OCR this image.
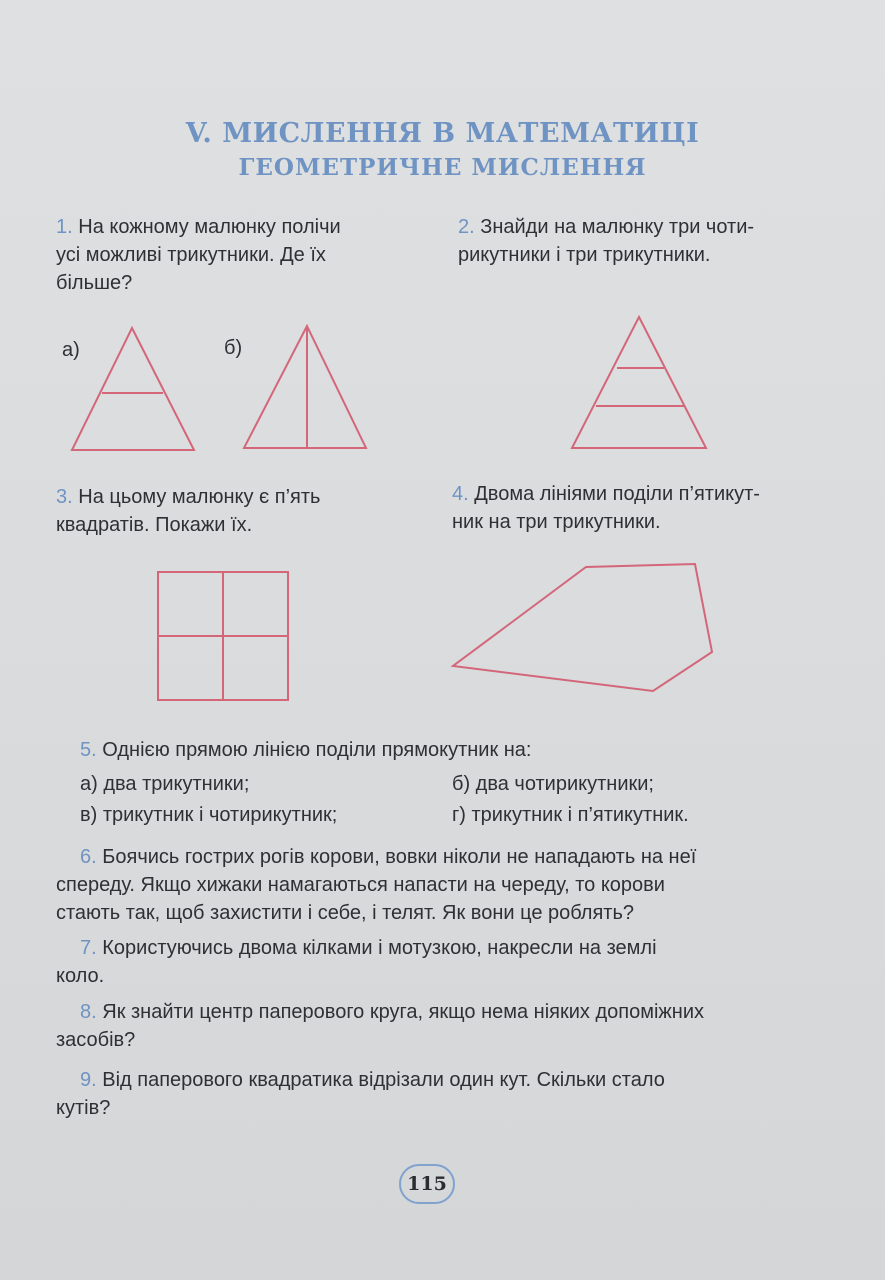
V. МИСЛЕННЯ В МАТЕМАТИЦІ
ГЕОМЕТРИЧНЕ МИСЛЕННЯ
1. На кожному малюнку полічи
усі можливі трикутники. Де їх
більше?
а)	б)
2. Знайди на малюнку три чоти-
рикутники і три трикутники.
3. На цьому малюнку є п’ять
квадратів. Покажи їх.
4. Двома лініями поділи п’ятикут-
ник на три трикутники.
5. Однією прямою лінією поділи прямокутник на:
а) два трикутники;	б) два чотирикутники;
в) трикутник і чотирикутник;	г) трикутник і п’ятикутник.
6. Боячись гострих рогів корови, вовки ніколи не нападають на неї
спереду. Якщо хижаки намагаються напасти на череду, то корови
стають так, щоб захистити і себе, і телят. Як вони це роблять?
7. Користуючись двома кілками і мотузкою, накресли на землі
коло.
8. Як знайти центр паперового круга, якщо нема ніяких допоміжних
засобів?
9. Від паперового квадратика відрізали один кут. Скільки стало
кутів?
115
